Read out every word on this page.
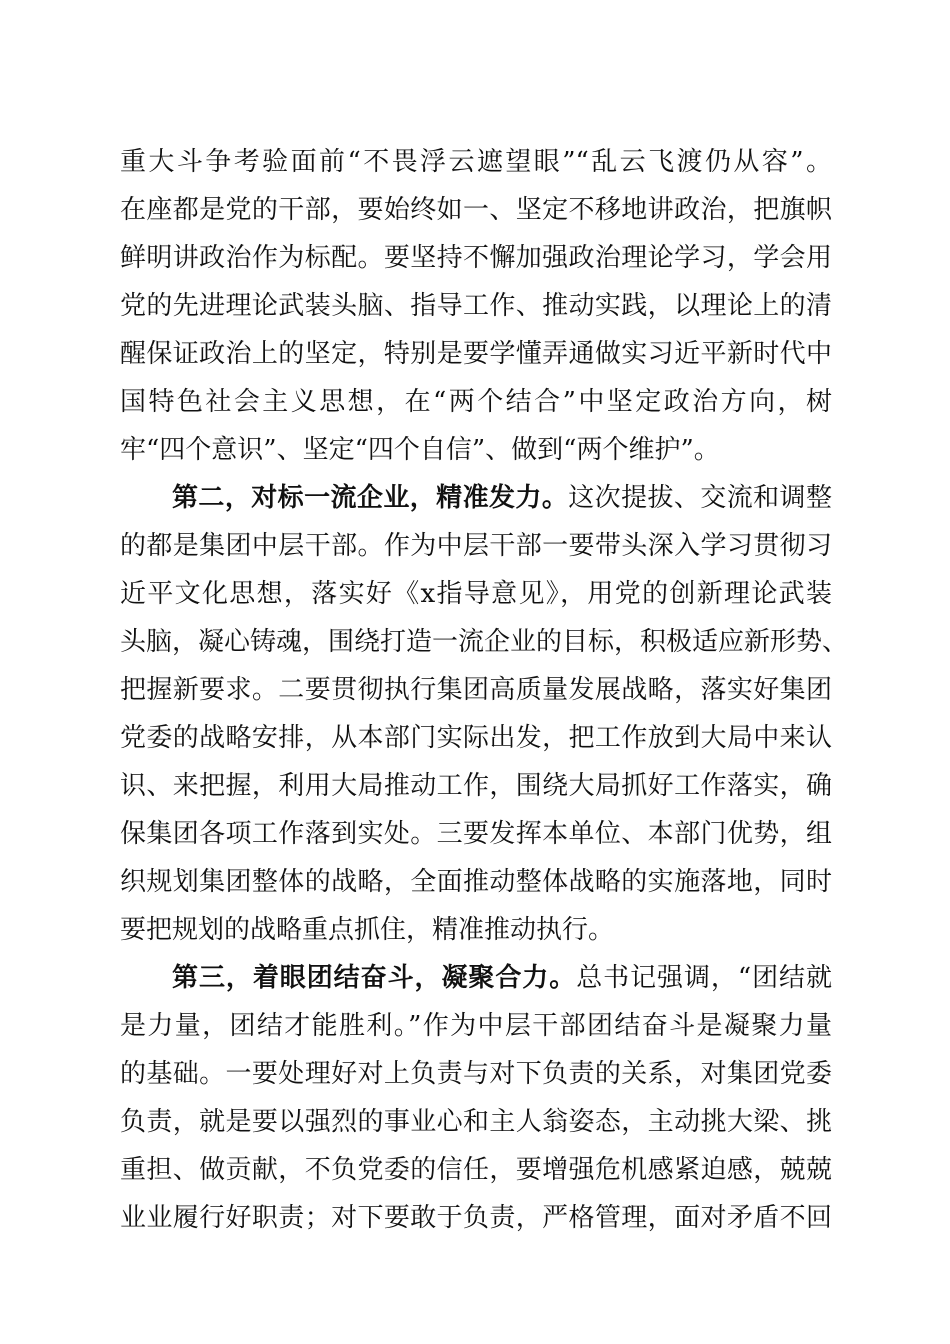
重大斗争考验面前“不畏浮云遮望眼”“乱云飞渡仍从容”。
在座都是党的干部，要始终如一、坚定不移地讲政治，把旗帜
鲜明讲政治作为标配。要坚持不懈加强政治理论学习，学会用
党的先进理论武装头脑、指导工作、推动实践，以理论上的清
醒保证政治上的坚定，特别是要学懂弄通做实习近平新时代中
国特色社会主义思想，在“两个结合”中坚定政治方向，树
牢“四个意识”、坚定“四个自信”、做到“两个维护”。
第二，对标一流企业，精准发力。这次提拔、交流和调整
的都是集团中层干部。作为中层干部一要带头深入学习贯彻习
近平文化思想，落实好《x指导意见》，用党的创新理论武装
头脑，凝心铸魂，围绕打造一流企业的目标，积极适应新形势、
把握新要求。二要贯彻执行集团高质量发展战略，落实好集团
党委的战略安排，从本部门实际出发，把工作放到大局中来认
识、来把握，利用大局推动工作，围绕大局抓好工作落实，确
保集团各项工作落到实处。三要发挥本单位、本部门优势，组
织规划集团整体的战略，全面推动整体战略的实施落地，同时
要把规划的战略重点抓住，精准推动执行。
第三，着眼团结奋斗，凝聚合力。总书记强调，“团结就
是力量，团结才能胜利。”作为中层干部团结奋斗是凝聚力量
的基础。一要处理好对上负责与对下负责的关系，对集团党委
负责，就是要以强烈的事业心和主人翁姿态，主动挑大梁、挑
重担、做贡献，不负党委的信任，要增强危机感紧迫感，兢兢
业业履行好职责；对下要敢于负责，严格管理，面对矛盾不回
